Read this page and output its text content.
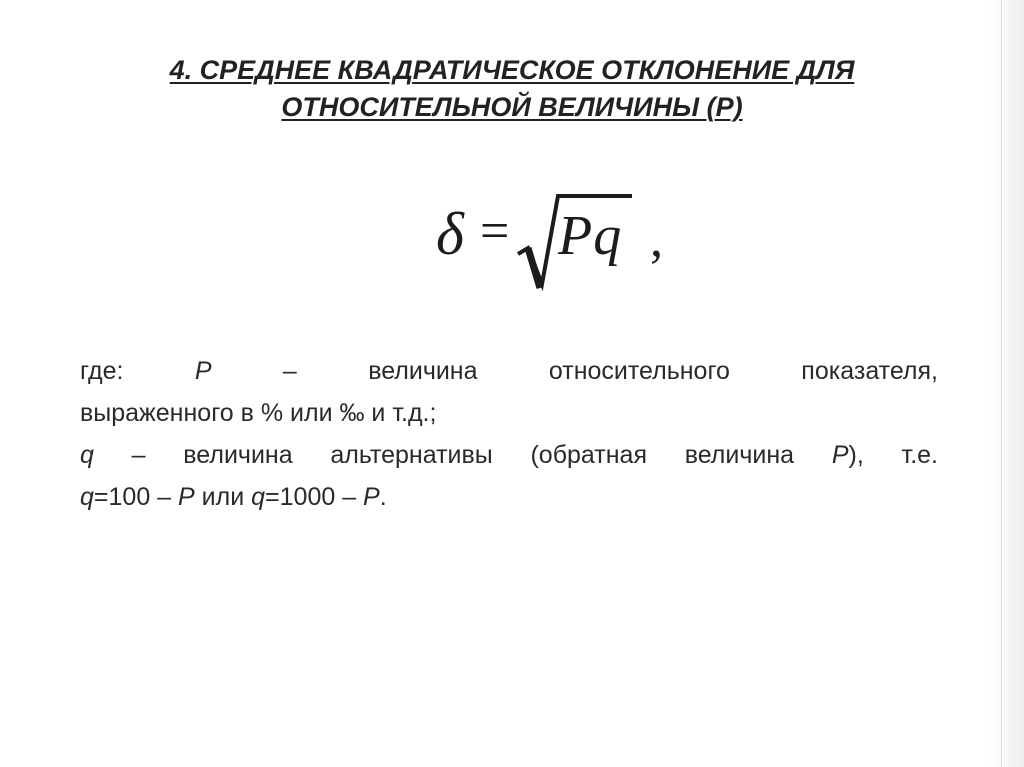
4. СРЕДНЕЕ КВАДРАТИЧЕСКОЕ ОТКЛОНЕНИЕ ДЛЯ
ОТНОСИТЕЛЬНОЙ ВЕЛИЧИНЫ (Р)
δ = Pq ,
где: Р – величина относительного показателя,
выраженного в % или ‰ и т.д.;
q – величина альтернативы (обратная величина Р), т.е.
q=100 – Р или q=1000 – Р.
